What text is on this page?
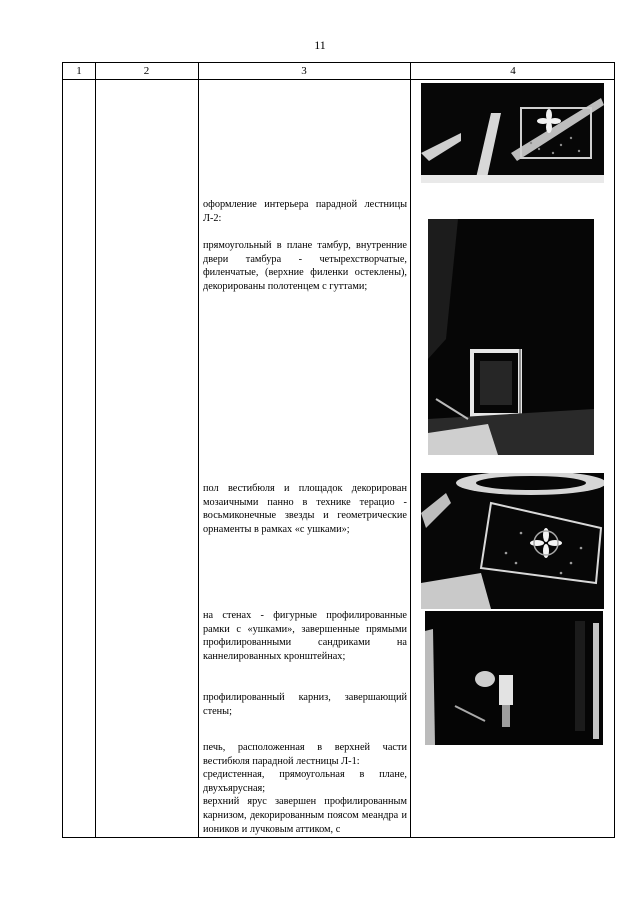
11
1	2	3	4

оформление интерьера парадной лестницы Л-2:

прямоугольный в плане тамбур, внутренние двери тамбура - четырехстворчатые, филенчатые, (верхние филенки остеклены), декорированы полотенцем с гуттами;

пол вестибюля и площадок декорирован мозаичными панно в технике терацио - восьмиконечные звезды и геометрические орнаменты в рамках «с ушками»;

на стенах - фигурные профилированные рамки с «ушками», завершенные прямыми профилированными сандриками на каннелированных кронштейнах;

профилированный карниз, завершающий стены;

печь, расположенная в верхней части вестибюля парадной лестницы Л-1:

средистенная, прямоугольная в плане, двухъярусная;

верхний ярус завершен профилированным карнизом, декорированным поясом меандра и иоников и лучковым аттиком, с
